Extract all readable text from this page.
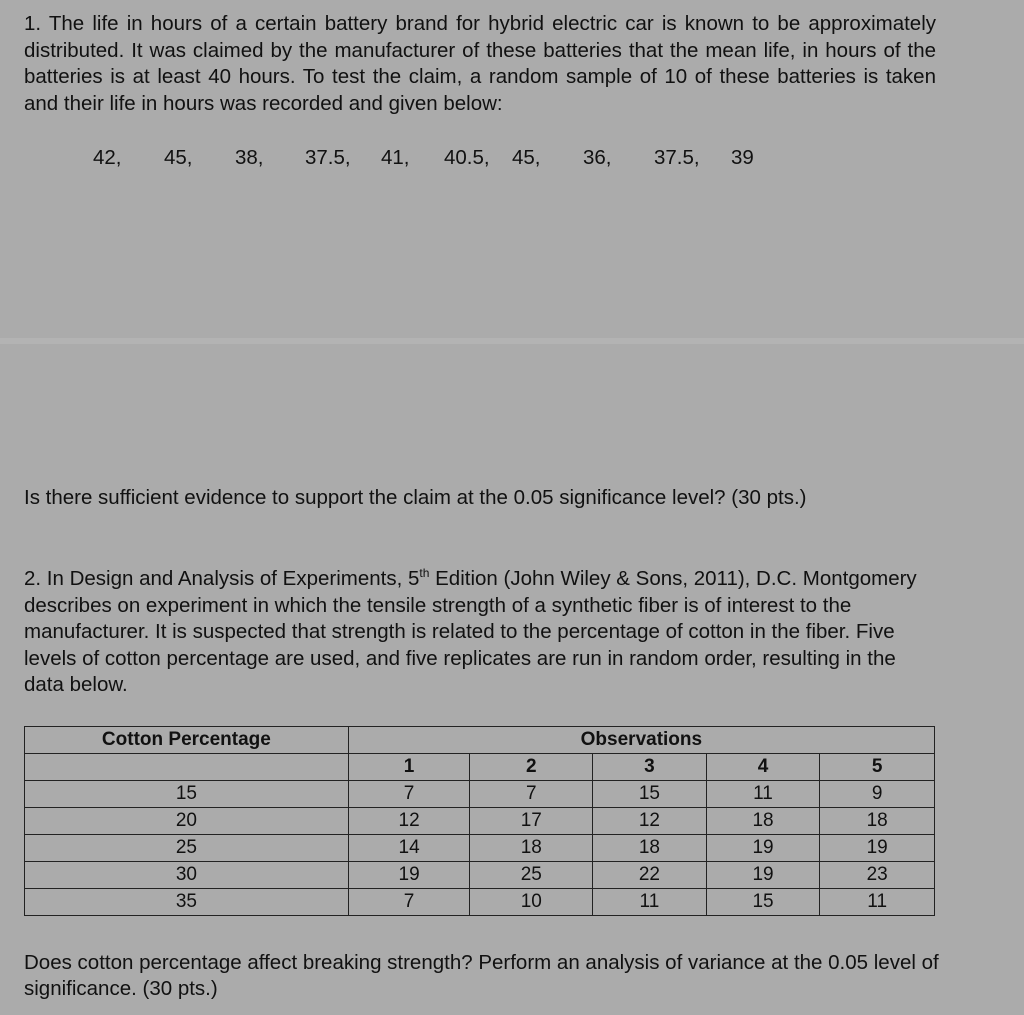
1. The life in hours of a certain battery brand for hybrid electric car is known to be approximately distributed. It was claimed by the manufacturer of these batteries that the mean life, in hours of the batteries is at least 40 hours. To test the claim, a random sample of 10 of these batteries is taken and their life in hours was recorded and given below:

42, 45, 38, 37.5, 41, 40.5, 45, 36, 37.5, 39

Is there sufficient evidence to support the claim at the 0.05 significance level? (30 pts.)

2. In Design and Analysis of Experiments, 5th Edition (John Wiley & Sons, 2011), D.C. Montgomery describes on experiment in which the tensile strength of a synthetic fiber is of interest to the manufacturer. It is suspected that strength is related to the percentage of cotton in the fiber. Five levels of cotton percentage are used, and five replicates are run in random order, resulting in the data below.

Cotton Percentage	Observations				
	1	2	3	4	5
15	7	7	15	11	9
20	12	17	12	18	18
25	14	18	18	19	19
30	19	25	22	19	23
35	7	10	11	15	11

Does cotton percentage affect breaking strength? Perform an analysis of variance at the 0.05 level of significance. (30 pts.)
